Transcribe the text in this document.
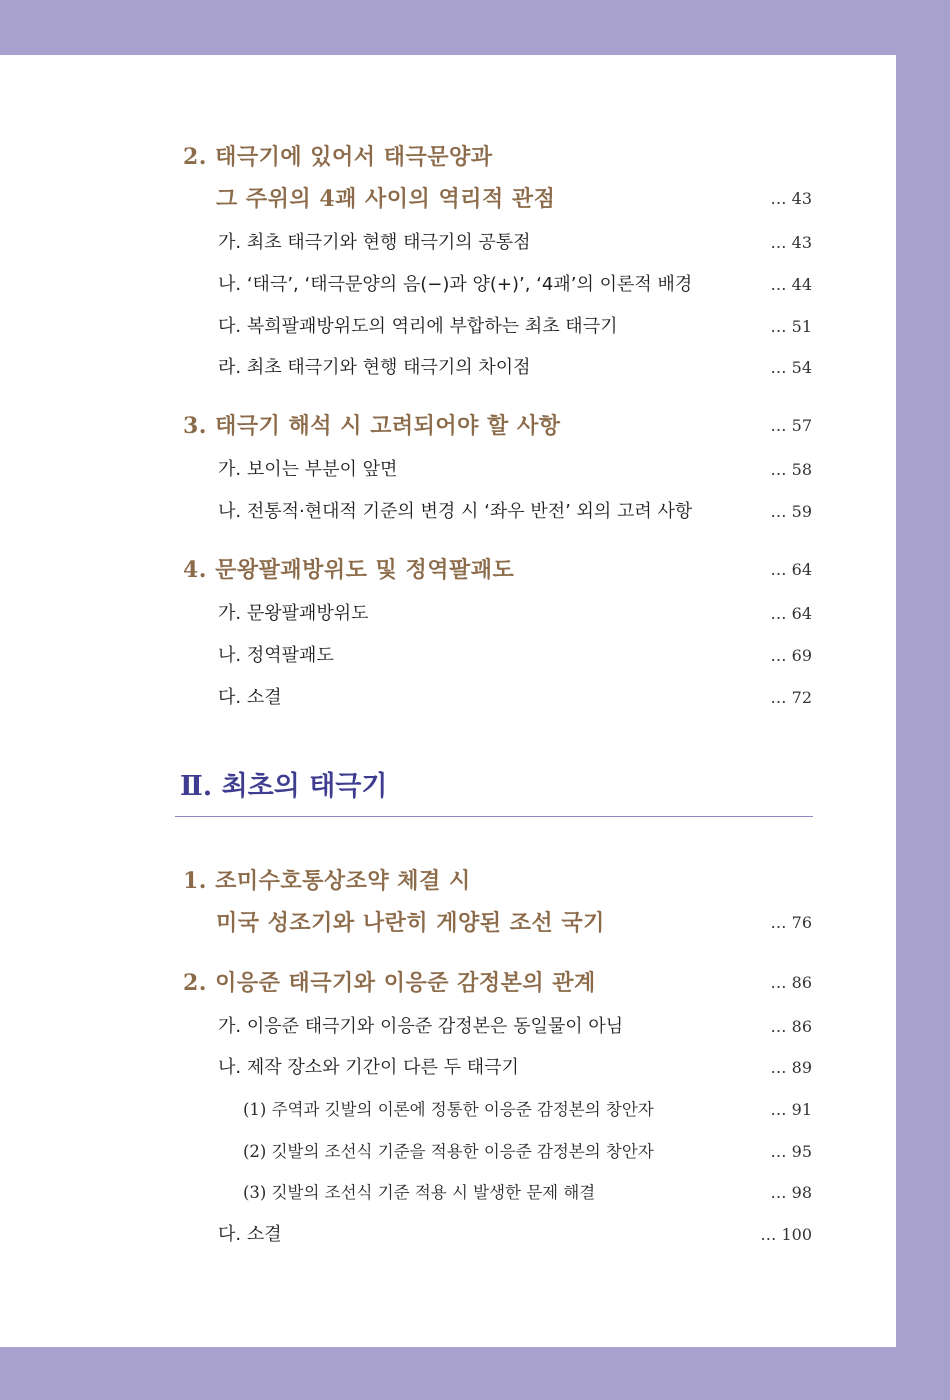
2. 태극기에 있어서 태극문양과
그 주위의 4괘 사이의 역리적 관점	… 43
가. 최초 태극기와 현행 태극기의 공통점	… 43
나. ‘태극’, ‘태극문양의 음(−)과 양(+)’, ‘4괘’의 이론적 배경	… 44
다. 복희팔괘방위도의 역리에 부합하는 최초 태극기	… 51
라. 최초 태극기와 현행 태극기의 차이점	… 54
3. 태극기 해석 시 고려되어야 할 사항	… 57
가. 보이는 부분이 앞면	… 58
나. 전통적·현대적 기준의 변경 시 ‘좌우 반전’ 외의 고려 사항	… 59
4. 문왕팔괘방위도 및 정역팔괘도	… 64
가. 문왕팔괘방위도	… 64
나. 정역팔괘도	… 69
다. 소결	… 72
Ⅱ. 최초의 태극기
1. 조미수호통상조약 체결 시
미국 성조기와 나란히 게양된 조선 국기	… 76
2. 이응준 태극기와 이응준 감정본의 관계	… 86
가. 이응준 태극기와 이응준 감정본은 동일물이 아님	… 86
나. 제작 장소와 기간이 다른 두 태극기	… 89
(1) 주역과 깃발의 이론에 정통한 이응준 감정본의 창안자	… 91
(2) 깃발의 조선식 기준을 적용한 이응준 감정본의 창안자	… 95
(3) 깃발의 조선식 기준 적용 시 발생한 문제 해결	… 98
다. 소결	… 100
